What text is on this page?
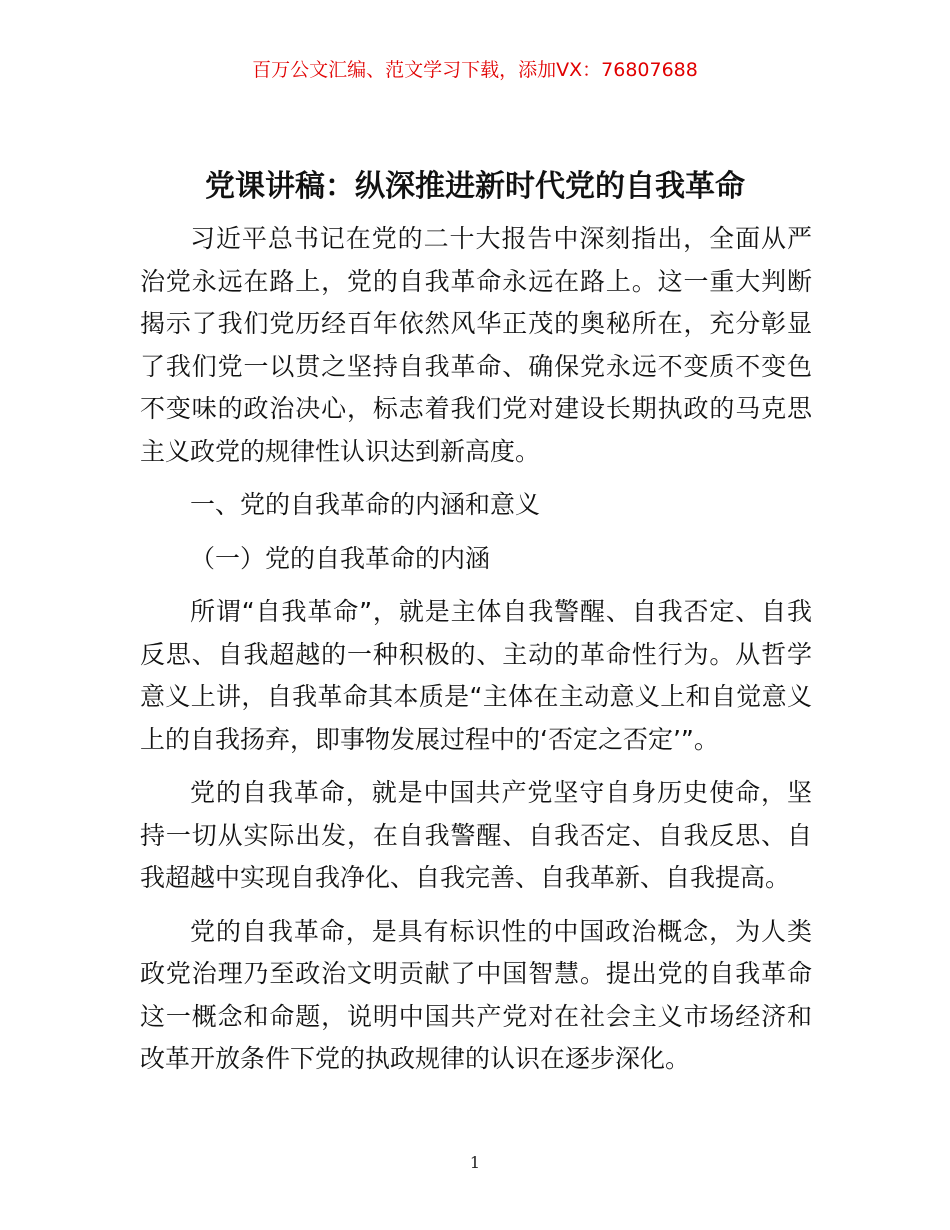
百万公文汇编、范文学习下载，添加VX：76807688
党课讲稿：纵深推进新时代党的自我革命

习近平总书记在党的二十大报告中深刻指出，全面从严治党永远在路上，党的自我革命永远在路上。这一重大判断揭示了我们党历经百年依然风华正茂的奥秘所在，充分彰显了我们党一以贯之坚持自我革命、确保党永远不变质不变色不变味的政治决心，标志着我们党对建设长期执政的马克思主义政党的规律性认识达到新高度。

一、党的自我革命的内涵和意义

（一）党的自我革命的内涵

所谓“自我革命”，就是主体自我警醒、自我否定、自我反思、自我超越的一种积极的、主动的革命性行为。从哲学意义上讲，自我革命其本质是“主体在主动意义上和自觉意义上的自我扬弃，即事物发展过程中的‘否定之否定’”。

党的自我革命，就是中国共产党坚守自身历史使命，坚持一切从实际出发，在自我警醒、自我否定、自我反思、自我超越中实现自我净化、自我完善、自我革新、自我提高。

党的自我革命，是具有标识性的中国政治概念，为人类政党治理乃至政治文明贡献了中国智慧。提出党的自我革命这一概念和命题，说明中国共产党对在社会主义市场经济和改革开放条件下党的执政规律的认识在逐步深化。

1
